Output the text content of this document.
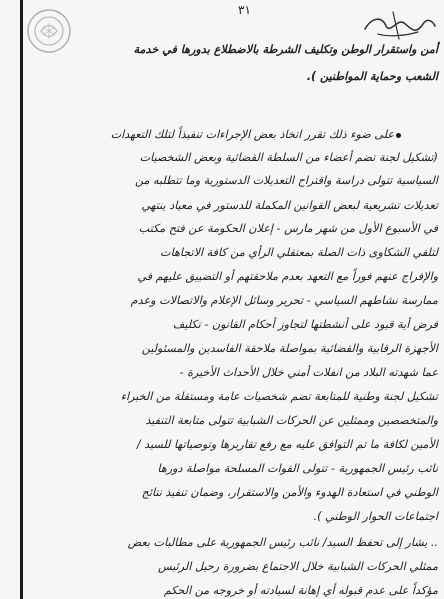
٣١
أمن واستقرار الوطن وتكليف الشرطة بالاضطلاع بدورها في خدمة
الشعب وحماية المواطنين ).
على ضوء ذلك تقرر اتخاذ بعض الإجراءات تنفيذاً لتلك التعهدات
(تشكيل لجنة تضم أعضاء من السلطة القضائية وبعض الشخصيات
السياسية تتولى دراسة واقتراح التعديلات الدستورية وما تتطلبه من
تعديلات تشريعية لبعض القوانين المكملة للدستور في معياد ينتهي
في الأسبوع الأول من شهر مارس - إعلان الحكومة عن فتح مكتب
لتلقي الشكاوى ذات الصلة بمعتقلي الرأي من كافة الاتجاهات
والإفراج عنهم فوراً مع التعهد بعدم ملاحقتهم أو التضييق عليهم في
ممارسة نشاطهم السياسي - تحرير وسائل الإعلام والاتصالات وعدم
فرض أية قيود على أنشطتها لتجاوز أحكام القانون - تكليف
الأجهزة الرقابية والقضائية بمواصلة ملاحقة الفاسدين والمسئولين
عما شهدته البلاد من انفلات أمني خلال الأحداث الأخيرة -
تشكيل لجنة وطنية للمتابعة تضم شخصيات عامة ومستقلة من الخبراء
والمتخصصين وممثلين عن الحركات الشبابية تتولى متابعة التنفيذ
الأمين لكافة ما تم التوافق عليه مع رفع تقاريرها وتوصياتها للسيد /
نائب رئيس الجمهورية - تتولى القوات المسلحة مواصلة دورها
الوطني في استعادة الهدوء والأمن والاستقرار، وضمان تنفيذ نتائج
اجتماعات الحوار الوطني ).
.. يشار إلى تحفظ السيد/ نائب رئيس الجمهورية على مطالبات بعض
ممثلي الحركات الشبابية خلال الاجتماع بضرورة رحيل الرئيس
مؤكداً على عدم قبوله أي إهانة لسيادته أو خروجه من الحكم
